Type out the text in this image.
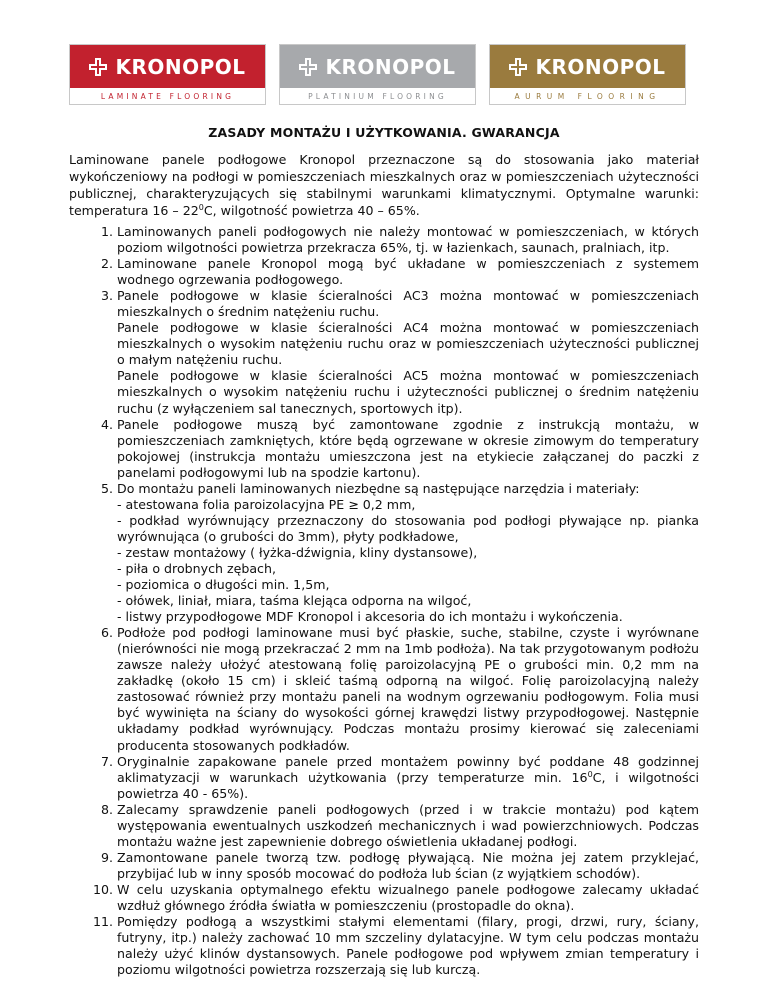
KRONOPOL
LAMINATE FLOORING
KRONOPOL
PLATINIUM FLOORING
KRONOPOL
AURUM FLOORING
ZASADY MONTAŻU I UŻYTKOWANIA. GWARANCJA
Laminowane panele podłogowe Kronopol przeznaczone są do stosowania jako materiał wykończeniowy na podłogi w pomieszczeniach mieszkalnych oraz w pomieszczeniach użyteczności publicznej, charakteryzujących się stabilnymi warunkami klimatycznymi. Optymalne warunki: temperatura $16 - 22^0C$, wilgotność powietrza 40 – 65%.
1. Laminowanych paneli podłogowych nie należy montować w pomieszczeniach, w których poziom wilgotności powietrza przekracza 65%, tj. w łazienkach, saunach, pralniach, itp.

2. Laminowane panele Kronopol mogą być układane w pomieszczeniach z systemem wodnego ogrzewania podłogowego.

3. Panele podłogowe w klasie ścieralności AC3 można montować w pomieszczeniach mieszkalnych o średnim natężeniu ruchu.

Panele podłogowe w klasie ścieralności AC4 można montować w pomieszczeniach mieszkalnych o wysokim natężeniu ruchu oraz w pomieszczeniach użyteczności publicznej o małym natężeniu ruchu.

Panele podłogowe w klasie ścieralności AC5 można montować w pomieszczeniach mieszkalnych o wysokim natężeniu ruchu i użyteczności publicznej o średnim natężeniu ruchu (z wyłączeniem sal tanecznych, sportowych itp).

4. Panele podłogowe muszą być zamontowane zgodnie z instrukcją montażu, w pomieszczeniach zamkniętych, które będą ogrzewane w okresie zimowym do temperatury pokojowej (instrukcja montażu umieszczona jest na etykiecie załączanej do paczki z panelami podłogowymi lub na spodzie kartonu).

5. Do montażu paneli laminowanych niezbędne są następujące narzędzia i materiały:

- atestowana folia paroizolacyjna PE ≥ 0,2 mm,

- podkład wyrównujący przeznaczony do stosowania pod podłogi pływające np. pianka wyrównująca (o grubości do 3mm), płyty podkładowe,

- zestaw montażowy ( łyżka-dźwignia, kliny dystansowe),

- piła o drobnych zębach,

- poziomica o długości min. 1,5m,

- ołówek, liniał, miara, taśma klejąca odporna na wilgoć,

- listwy przypodłogowe MDF Kronopol i akcesoria do ich montażu i wykończenia.

6. Podłoże pod podłogi laminowane musi być płaskie, suche, stabilne, czyste i wyrównane (nierówności nie mogą przekraczać 2 mm na 1mb podłoża). Na tak przygotowanym podłożu zawsze należy ułożyć atestowaną folię paroizolacyjną PE o grubości min. 0,2 mm na zakładkę (około 15 cm) i skleić taśmą odporną na wilgoć. Folię paroizolacyjną należy zastosować również przy montażu paneli na wodnym ogrzewaniu podłogowym. Folia musi być wywinięta na ściany do wysokości górnej krawędzi listwy przypodłogowej. Następnie układamy podkład wyrównujący. Podczas montażu prosimy kierować się zaleceniami producenta stosowanych podkładów.

7. Oryginalnie zapakowane panele przed montażem powinny być poddane 48 godzinnej aklimatyzacji w warunkach użytkowania (przy temperaturze min. $16^0C$, i wilgotności powietrza 40 - 65%).

8. Zalecamy sprawdzenie paneli podłogowych (przed i w trakcie montażu) pod kątem występowania ewentualnych uszkodzeń mechanicznych i wad powierzchniowych. Podczas montażu ważne jest zapewnienie dobrego oświetlenia układanej podłogi.

9. Zamontowane panele tworzą tzw. podłogę pływającą. Nie można jej zatem przyklejać, przybijać lub w inny sposób mocować do podłoża lub ścian (z wyjątkiem schodów).

10. W celu uzyskania optymalnego efektu wizualnego panele podłogowe zalecamy układać wzdłuż głównego źródła światła w pomieszczeniu (prostopadle do okna).

11. Pomiędzy podłogą a wszystkimi stałymi elementami (filary, progi, drzwi, rury, ściany, futryny, itp.) należy zachować 10 mm szczeliny dylatacyjne. W tym celu podczas montażu należy użyć klinów dystansowych. Panele podłogowe pod wpływem zmian temperatury i poziomu wilgotności powietrza rozszerzają się lub kurczą.
